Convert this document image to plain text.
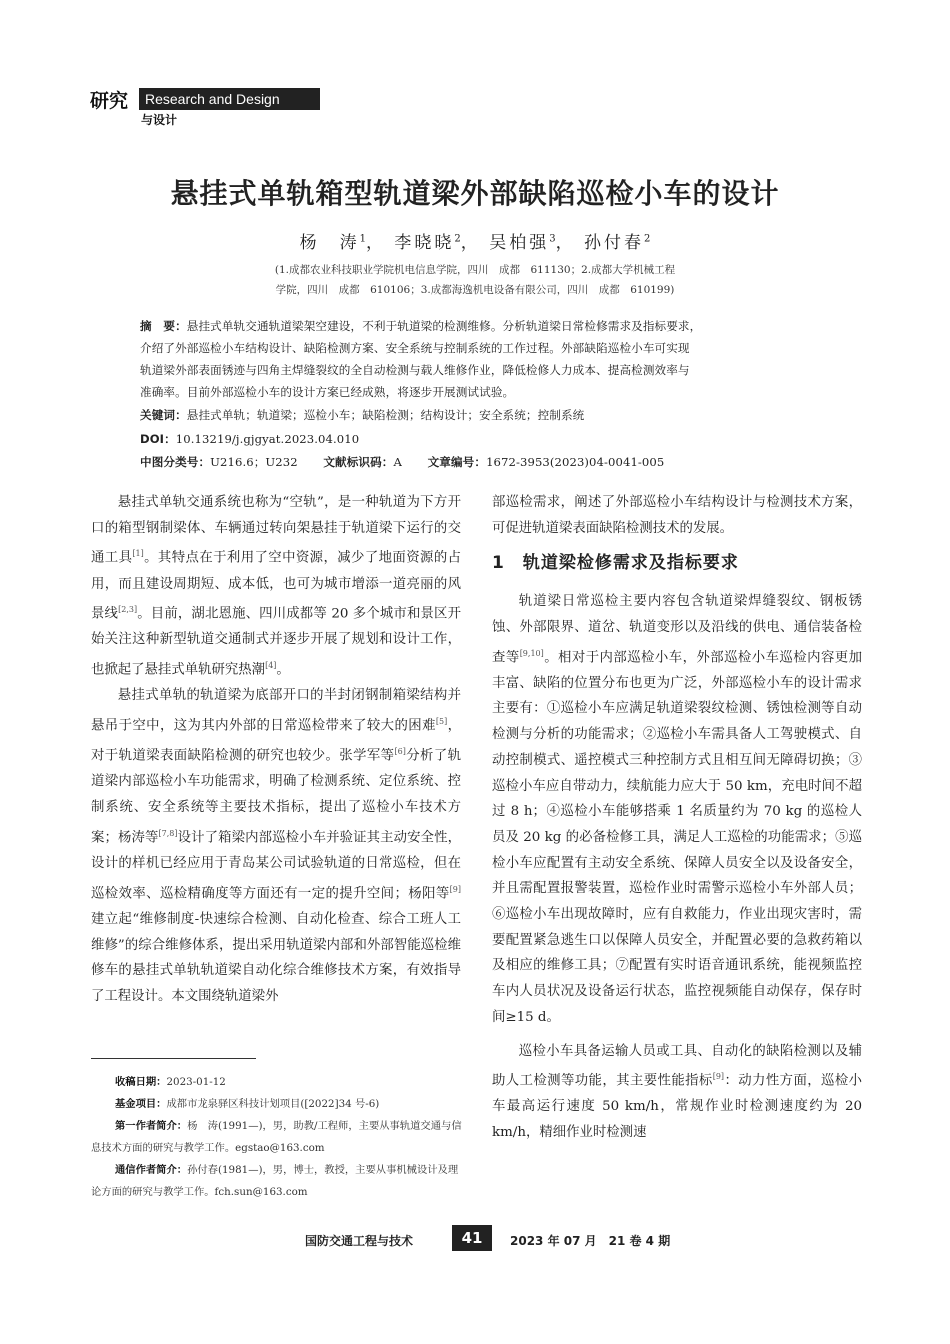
研究	Research and Design
与设计
悬挂式单轨箱型轨道梁外部缺陷巡检小车的设计
杨　涛$^1$， 李晓晓$^2$， 吴柏强$^3$， 孙付春$^2$
(1.成都农业科技职业学院机电信息学院，四川　成都　611130；2.成都大学机械工程
学院，四川　成都　610106；3.成都海逸机电设备有限公司，四川　成都　610199)
摘　要：悬挂式单轨交通轨道梁架空建设，不利于轨道梁的检测维修。分析轨道梁日常检修需求及指标要求，
介绍了外部巡检小车结构设计、缺陷检测方案、安全系统与控制系统的工作过程。外部缺陷巡检小车可实现
轨道梁外部表面锈迹与四角主焊缝裂纹的全自动检测与载人维修作业，降低检修人力成本、提高检测效率与
准确率。目前外部巡检小车的设计方案已经成熟，将逐步开展测试试验。
关键词：悬挂式单轨；轨道梁；巡检小车；缺陷检测；结构设计；安全系统；控制系统
DOI：10.13219/j.gjgyat.2023.04.010
中图分类号：U216.6；U232 文献标识码：A 文章编号：1672-3953(2023)04-0041-005

悬挂式单轨交通系统也称为“空轨”，是一种轨道为下方开口的箱型钢制梁体、车辆通过转向架悬挂于轨道梁下运行的交通工具[1]。其特点在于利用了空中资源，减少了地面资源的占用，而且建设周期短、成本低，也可为城市增添一道亮丽的风景线[2,3]。目前，湖北恩施、四川成都等 20 多个城市和景区开始关注这种新型轨道交通制式并逐步开展了规划和设计工作，也掀起了悬挂式单轨研究热潮[4]。

悬挂式单轨的轨道梁为底部开口的半封闭钢制箱梁结构并悬吊于空中，这为其内外部的日常巡检带来了较大的困难[5]，对于轨道梁表面缺陷检测的研究也较少。张学军等[6]分析了轨道梁内部巡检小车功能需求，明确了检测系统、定位系统、控制系统、安全系统等主要技术指标，提出了巡检小车技术方案；杨涛等[7,8]设计了箱梁内部巡检小车并验证其主动安全性，设计的样机已经应用于青岛某公司试验轨道的日常巡检，但在巡检效率、巡检精确度等方面还有一定的提升空间；杨阳等[9]建立起“维修制度-快速综合检测、自动化检查、综合工班人工维修”的综合维修体系，提出采用轨道梁内部和外部智能巡检维修车的悬挂式单轨轨道梁自动化综合维修技术方案，有效指导了工程设计。本文围绕轨道梁外

部巡检需求，阐述了外部巡检小车结构设计与检测技术方案，可促进轨道梁表面缺陷检测技术的发展。

1　轨道梁检修需求及指标要求

轨道梁日常巡检主要内容包含轨道梁焊缝裂纹、钢板锈蚀、外部限界、道岔、轨道变形以及沿线的供电、通信装备检查等[9,10]。相对于内部巡检小车，外部巡检小车巡检内容更加丰富、缺陷的位置分布也更为广泛，外部巡检小车的设计需求主要有：①巡检小车应满足轨道梁裂纹检测、锈蚀检测等自动检测与分析的功能需求；②巡检小车需具备人工驾驶模式、自动控制模式、遥控模式三种控制方式且相互间无障碍切换；③巡检小车应自带动力，续航能力应大于 50 km，充电时间不超过 8 h；④巡检小车能够搭乘 1 名质量约为 70 kg 的巡检人员及 20 kg 的必备检修工具，满足人工巡检的功能需求；⑤巡检小车应配置有主动安全系统、保障人员安全以及设备安全，并且需配置报警装置，巡检作业时需警示巡检小车外部人员；⑥巡检小车出现故障时，应有自救能力，作业出现灾害时，需要配置紧急逃生口以保障人员安全，并配置必要的急救药箱以及相应的维修工具；⑦配置有实时语音通讯系统，能视频监控车内人员状况及设备运行状态，监控视频能自动保存，保存时间≥15 d。

巡检小车具备运输人员或工具、自动化的缺陷检测以及辅助人工检测等功能，其主要性能指标[9]：动力性方面，巡检小车最高运行速度 50 km/h，常规作业时检测速度约为 20 km/h，精细作业时检测速

收稿日期：2023-01-12
基金项目：成都市龙泉驿区科技计划项目([2022]34 号-6)
第一作者简介：杨　涛(1991—)，男，助教/工程师，主要从事轨道交通与信息技术方面的研究与教学工作。egstao@163.com
通信作者简介：孙付春(1981—)，男，博士，教授，主要从事机械设计及理论方面的研究与教学工作。fch.sun@163.com
国防交通工程与技术	41	2023 年 07 月　21 卷 4 期
